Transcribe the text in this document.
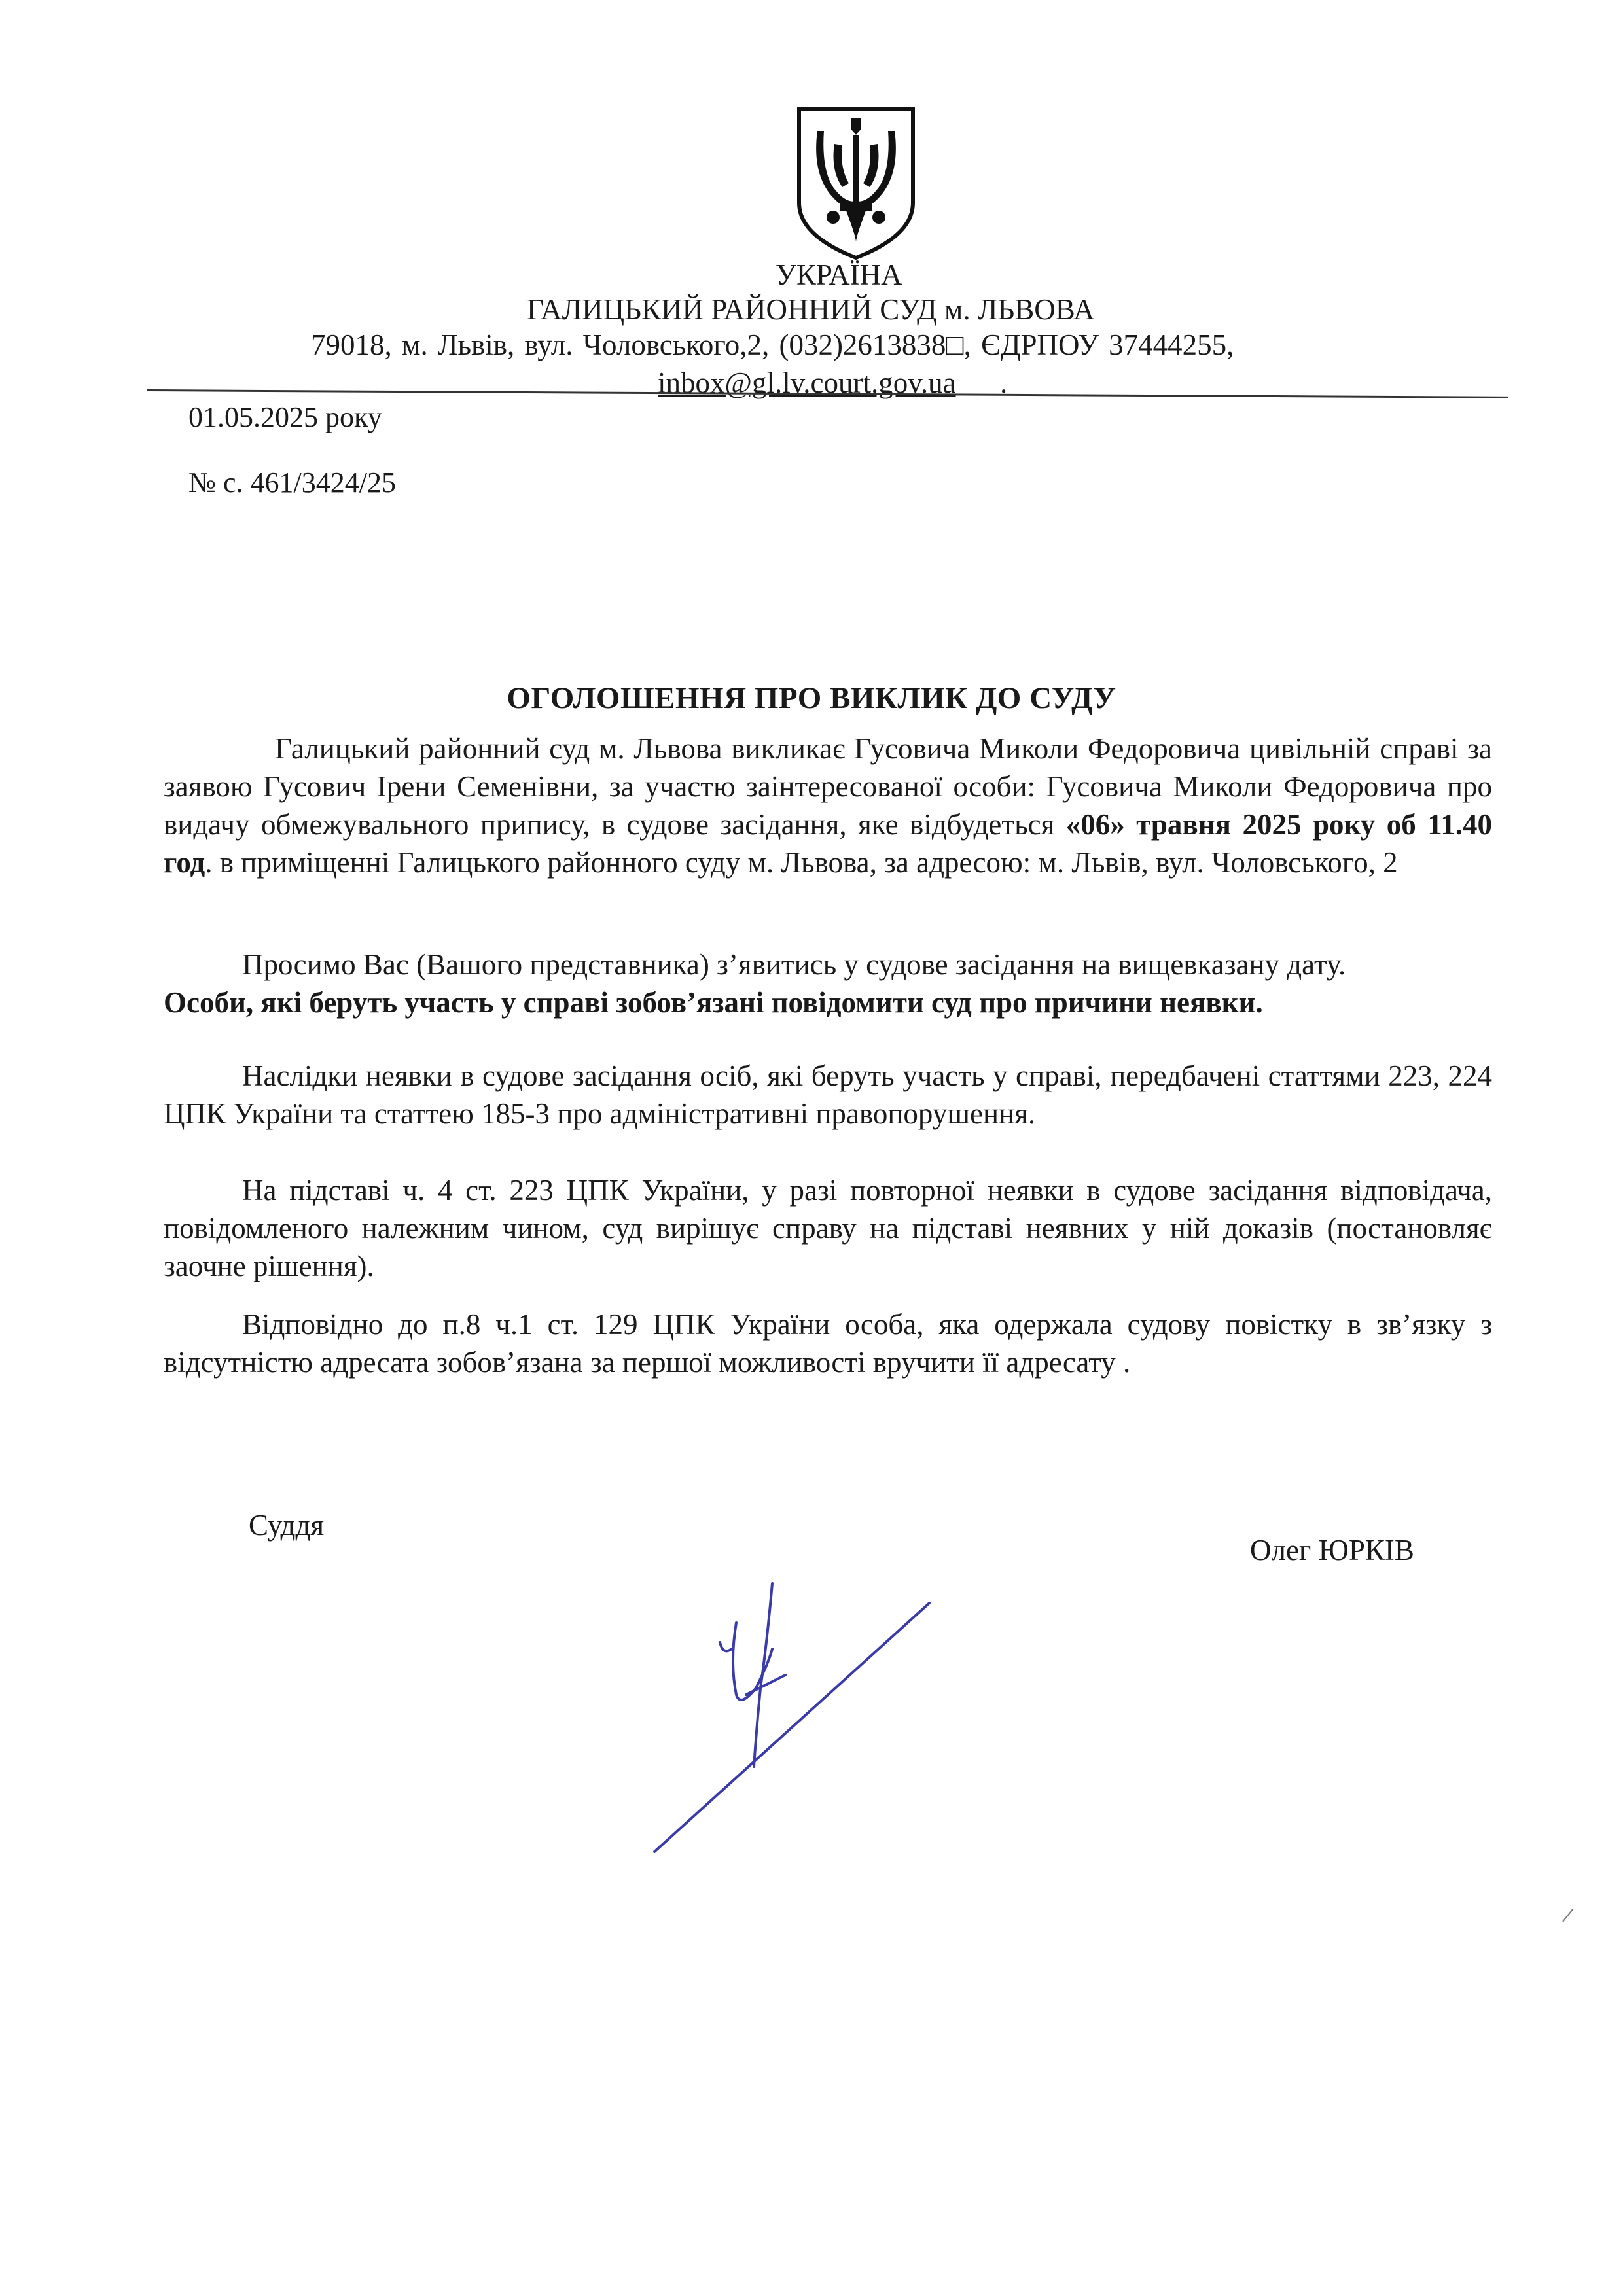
УКРАЇНА
ГАЛИЦЬКИЙ РАЙОННИЙ СУД м. ЛЬВОВА
79018, м. Львів, вул. Чоловського,2, (032)2613838□, ЄДРПОУ 37444255,
inbox@gl.lv.court.gov.ua .
01.05.2025 року
№ с. 461/3424/25
ОГОЛОШЕННЯ ПРО ВИКЛИК ДО СУДУ

Галицький районний суд м. Львова викликає Гусовича Миколи Федоровича цивільній справі за заявою Гусович Ірени Семенівни, за участю заінтересованої особи: Гусовича Миколи Федоровича про видачу обмежувального припису, в судове засідання, яке відбудеться «06» травня 2025 року об 11.40 год. в приміщенні Галицького районного суду м. Львова, за адресою: м. Львів, вул. Чоловського, 2

Просимо Вас (Вашого представника) з’явитись у судове засідання на вищевказану дату.
Особи, які беруть участь у справі зобов’язані повідомити суд про причини неявки.

Наслідки неявки в судове засідання осіб, які беруть участь у справі, передбачені статтями 223, 224 ЦПК України та статтею 185-3 про адміністративні правопорушення.

На підставі ч. 4 ст. 223 ЦПК України, у разі повторної неявки в судове засідання відповідача, повідомленого належним чином, суд вирішує справу на підставі неявних у ній доказів (постановляє заочне рішення).

Відповідно до п.8 ч.1 ст. 129 ЦПК України особа, яка одержала судову повістку в зв’язку з відсутністю адресата зобов’язана за першої можливості вручити її адресату .

Суддя
Олег ЮРКІВ
